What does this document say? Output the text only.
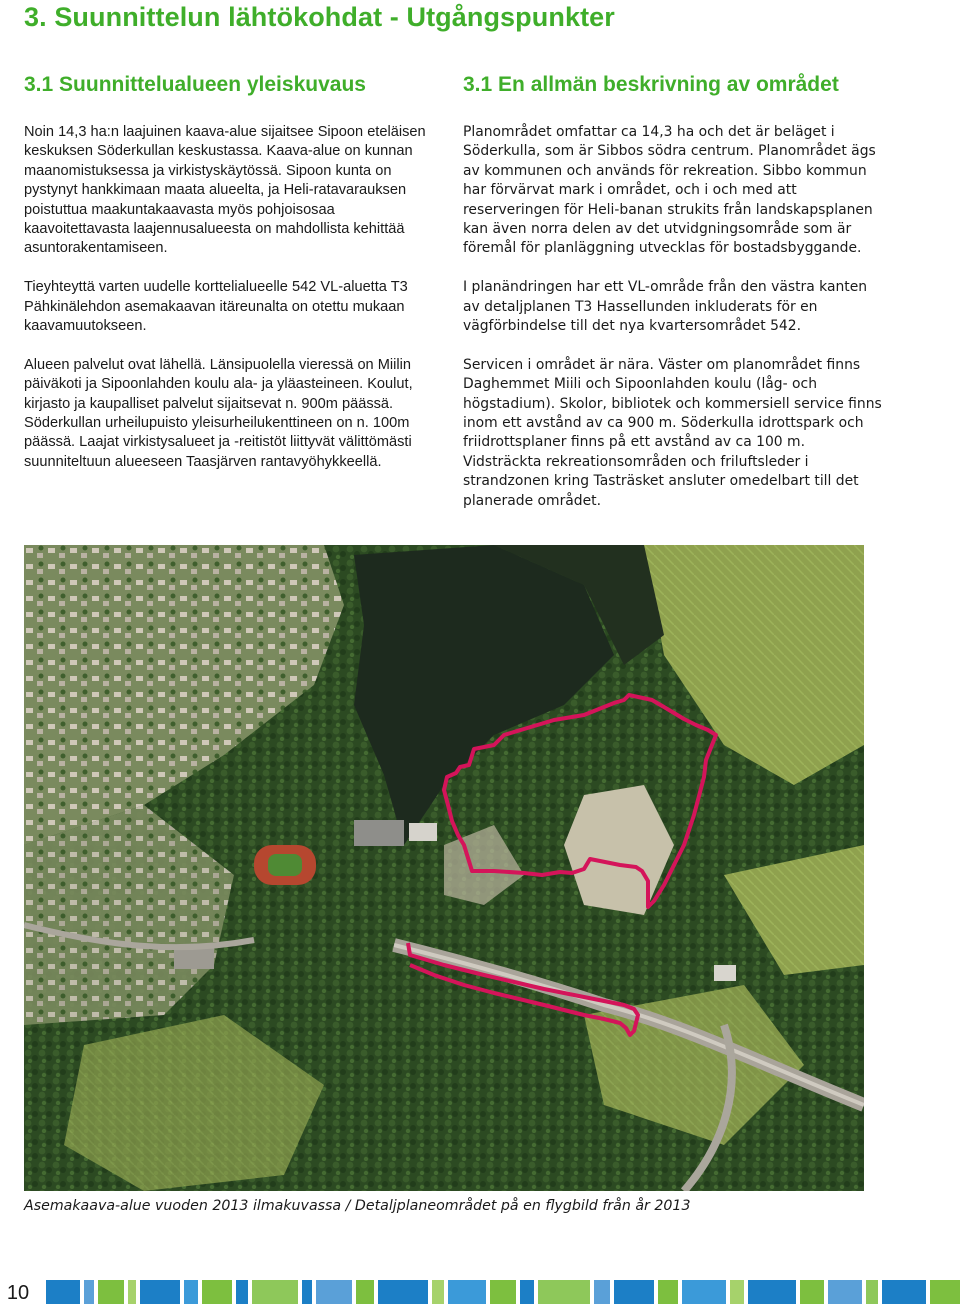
3. Suunnittelun lähtökohdat - Utgångspunkter
3.1 Suunnittelualueen yleiskuvaus	3.1 En allmän beskrivning av området

Noin 14,3 ha:n laajuinen kaava-alue sijaitsee Sipoon eteläisen keskuksen Söderkullan keskustassa. Kaava-alue on kunnan maanomistuksessa ja virkistyskäytössä. Sipoon kunta on pystynyt hankkimaan maata alueelta, ja Heli-ratavarauksen poistuttua maakuntakaavasta myös pohjoisosaa kaavoitettavasta laajennusalueesta on mahdollista kehittää asuntorakentamiseen.

Tieyhteyttä varten uudelle korttelialueelle 542 VL-aluetta T3 Pähkinälehdon asemakaavan itäreunalta on otettu mukaan kaavamuutokseen.

Alueen palvelut ovat lähellä. Länsipuolella vieressä on Miilin päiväkoti ja Sipoonlahden koulu ala- ja yläasteineen. Koulut, kirjasto ja kaupalliset palvelut sijaitsevat n. 900m päässä. Söderkullan urheilupuisto yleisurheilukenttineen on n. 100m päässä. Laajat virkistysalueet ja -reitistöt liittyvät välittömästi suunniteltuun alueeseen Taasjärven rantavyöhykkeellä.

Planområdet omfattar ca 14,3 ha och det är beläget i Söderkulla, som är Sibbos södra centrum. Planområdet ägs av kommunen och används för rekreation. Sibbo kommun har förvärvat mark i området, och i och med att reserveringen för Heli-banan strukits från landskapsplanen kan även norra delen av det utvidgningsområde som är föremål för planläggning utvecklas för bostadsbyggande.

I planändringen har ett VL-område från den västra kanten av detaljplanen T3 Hassellunden inkluderats för en vägförbindelse till det nya kvartersområdet 542.

Servicen i området är nära. Väster om planområdet finns Daghemmet Miili och Sipoonlahden koulu (låg- och högstadium). Skolor, bibliotek och kommersiell service finns inom ett avstånd av ca 900 m. Söderkulla idrottspark och friidrottsplaner finns på ett avstånd av ca 100 m. Vidsträckta rekreationsområden och friluftsleder i strandzonen kring Tasträsket ansluter omedelbart till det planerade området.

Asemakaava-alue vuoden 2013 ilmakuvassa / Detaljplaneområdet på en flygbild från år 2013

10
